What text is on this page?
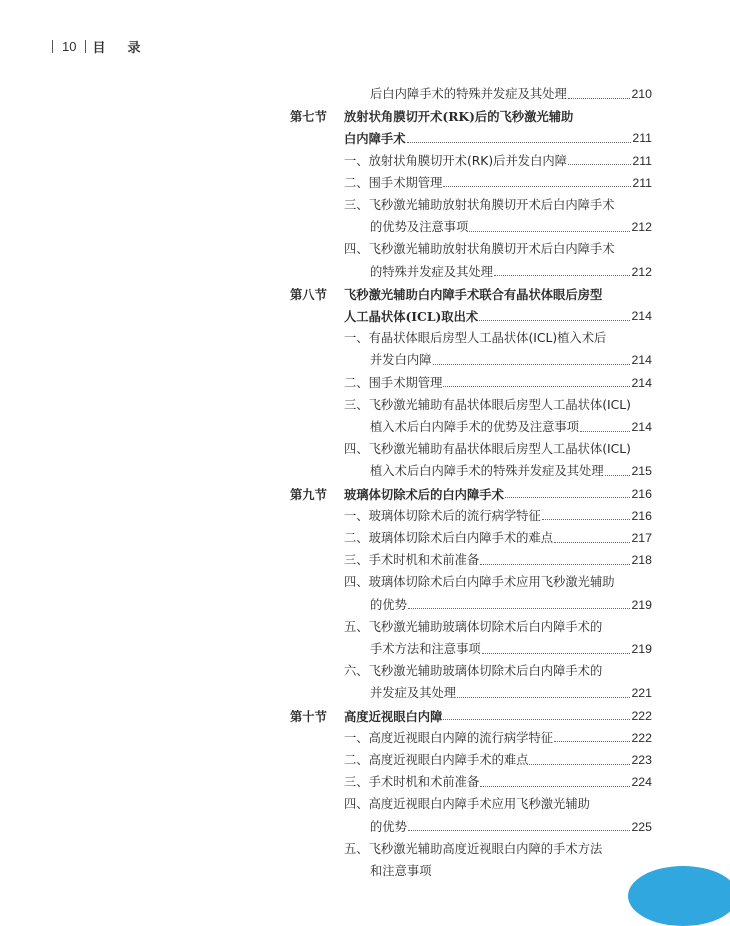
10 目录
后白内障手术的特殊并发症及其处理	210
第七节	放射状角膜切开术(RK)后的飞秒激光辅助
白内障手术	211
一、放射状角膜切开术(RK)后并发白内障	211
二、围手术期管理	211
三、飞秒激光辅助放射状角膜切开术后白内障手术
的优势及注意事项	212
四、飞秒激光辅助放射状角膜切开术后白内障手术
的特殊并发症及其处理	212
第八节	飞秒激光辅助白内障手术联合有晶状体眼后房型
人工晶状体(ICL)取出术	214
一、有晶状体眼后房型人工晶状体(ICL)植入术后
并发白内障	214
二、围手术期管理	214
三、飞秒激光辅助有晶状体眼后房型人工晶状体(ICL)
植入术后白内障手术的优势及注意事项	214
四、飞秒激光辅助有晶状体眼后房型人工晶状体(ICL)
植入术后白内障手术的特殊并发症及其处理 215
第九节	玻璃体切除术后的白内障手术	216
一、玻璃体切除术后的流行病学特征	216
二、玻璃体切除术后白内障手术的难点	217
三、手术时机和术前准备	218
四、玻璃体切除术后白内障手术应用飞秒激光辅助
的优势	219
五、飞秒激光辅助玻璃体切除术后白内障手术的
手术方法和注意事项	219
六、飞秒激光辅助玻璃体切除术后白内障手术的
并发症及其处理	221
第十节	高度近视眼白内障	222
一、高度近视眼白内障的流行病学特征	222
二、高度近视眼白内障手术的难点	223
三、手术时机和术前准备	224
四、高度近视眼白内障手术应用飞秒激光辅助
的优势	225
五、飞秒激光辅助高度近视眼白内障的手术方法
和注意事项
